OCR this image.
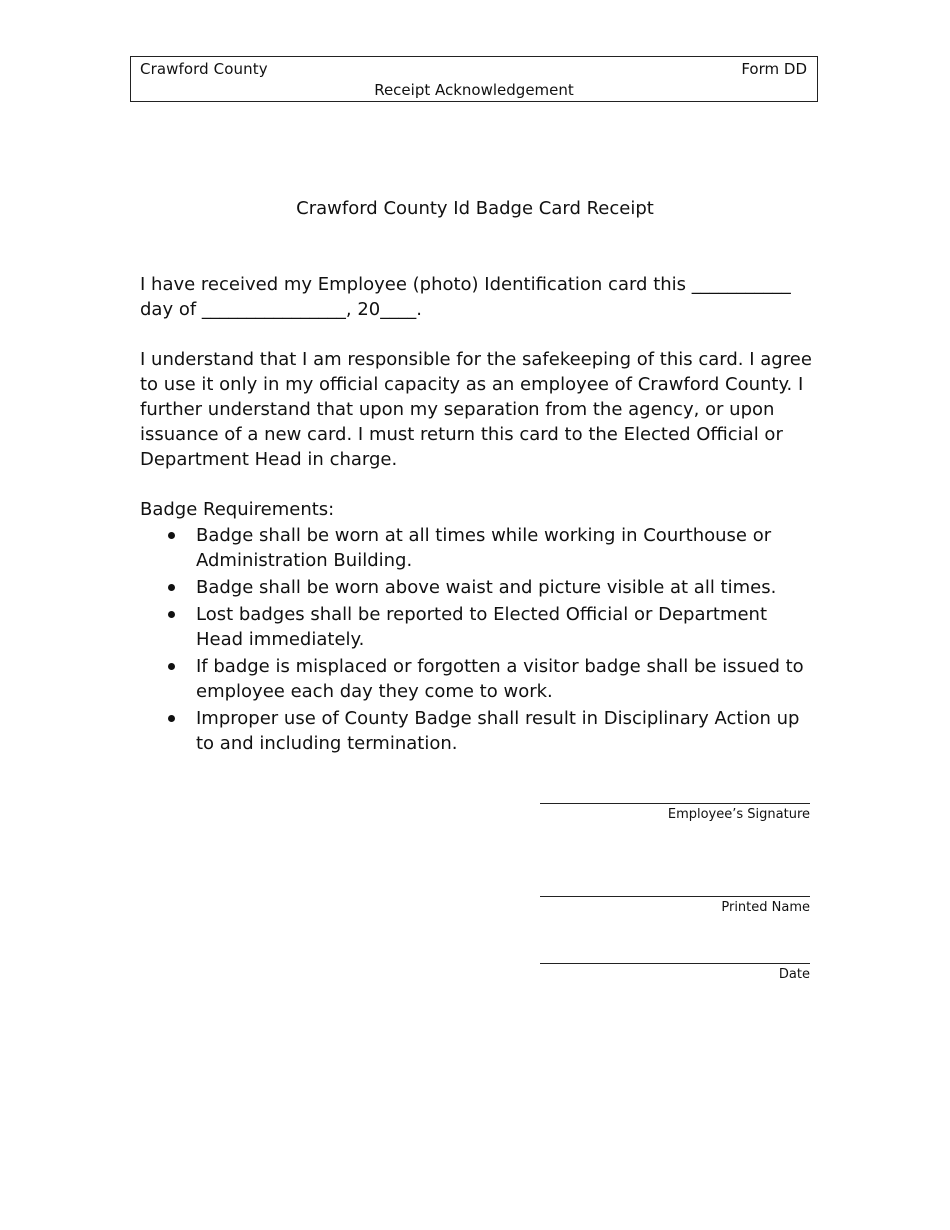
Crawford County	Form DD
Receipt Acknowledgement
Crawford County Id Badge Card Receipt

I have received my Employee (photo) Identification card this ___________ day of ________________, 20____.

I understand that I am responsible for the safekeeping of this card. I agree to use it only in my official capacity as an employee of Crawford County. I further understand that upon my separation from the agency, or upon issuance of a new card. I must return this card to the Elected Official or Department Head in charge.

Badge Requirements:

Badge shall be worn at all times while working in Courthouse or Administration Building.
Badge shall be worn above waist and picture visible at all times.
Lost badges shall be reported to Elected Official or Department Head immediately.
If badge is misplaced or forgotten a visitor badge shall be issued to employee each day they come to work.
Improper use of County Badge shall result in Disciplinary Action up to and including termination.
Employee’s Signature
Printed Name
Date
